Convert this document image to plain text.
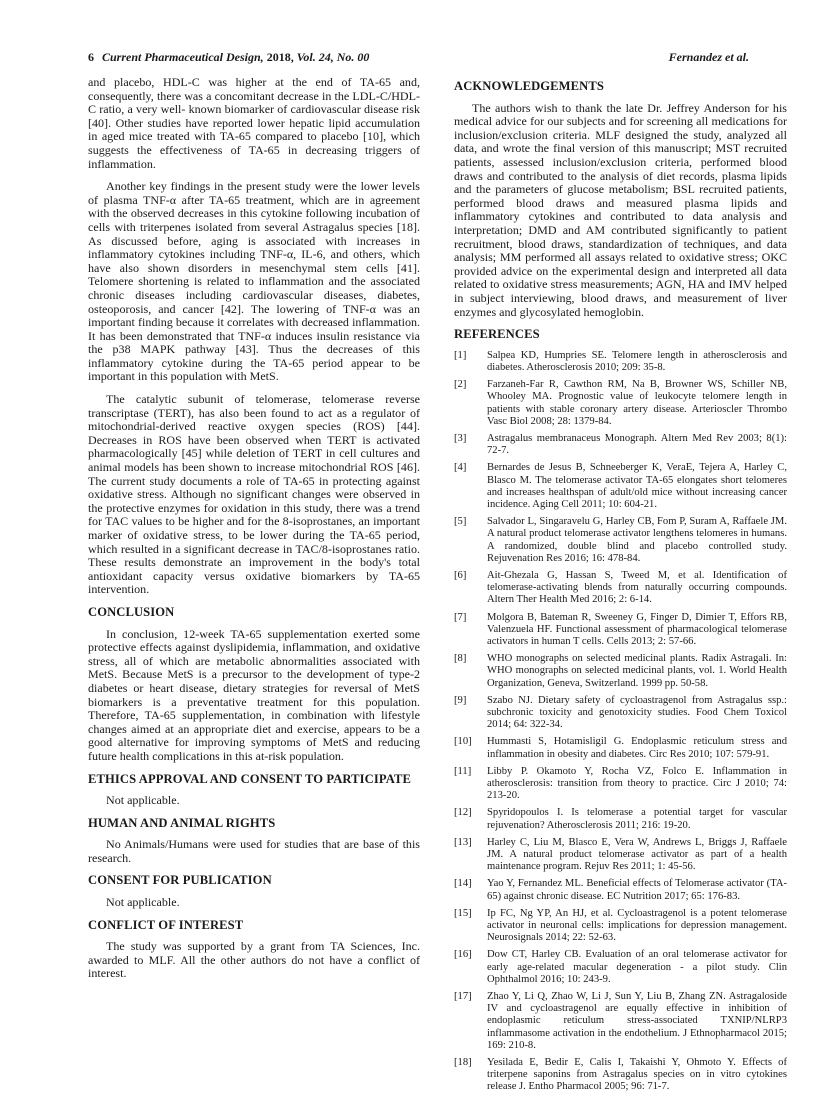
6 Current Pharmaceutical Design, 2018, Vol. 24, No. 00	Fernandez et al.

and placebo, HDL-C was higher at the end of TA-65 and, consequently, there was a concomitant decrease in the LDL-C/HDL-C ratio, a very well- known biomarker of cardiovascular disease risk [40]. Other studies have reported lower hepatic lipid accumulation in aged mice treated with TA-65 compared to placebo [10], which suggests the effectiveness of TA-65 in decreasing triggers of inflammation.

Another key findings in the present study were the lower levels of plasma TNF-α after TA-65 treatment, which are in agreement with the observed decreases in this cytokine following incubation of cells with triterpenes isolated from several Astragalus species [18]. As discussed before, aging is associated with increases in inflammatory cytokines including TNF-α, IL-6, and others, which have also shown disorders in mesenchymal stem cells [41]. Telomere shortening is related to inflammation and the associated chronic diseases including cardiovascular diseases, diabetes, osteoporosis, and cancer [42]. The lowering of TNF-α was an important finding because it correlates with decreased inflammation. It has been demonstrated that TNF-α induces insulin resistance via the p38 MAPK pathway [43]. Thus the decreases of this inflammatory cytokine during the TA-65 period appear to be important in this population with MetS.

The catalytic subunit of telomerase, telomerase reverse transcriptase (TERT), has also been found to act as a regulator of mitochondrial-derived reactive oxygen species (ROS) [44]. Decreases in ROS have been observed when TERT is activated pharmacologically [45] while deletion of TERT in cell cultures and animal models has been shown to increase mitochondrial ROS [46]. The current study documents a role of TA-65 in protecting against oxidative stress. Although no significant changes were observed in the protective enzymes for oxidation in this study, there was a trend for TAC values to be higher and for the 8-isoprostanes, an important marker of oxidative stress, to be lower during the TA-65 period, which resulted in a significant decrease in TAC/8-isoprostanes ratio. These results demonstrate an improvement in the body's total antioxidant capacity versus oxidative biomarkers by TA-65 intervention.

CONCLUSION

In conclusion, 12-week TA-65 supplementation exerted some protective effects against dyslipidemia, inflammation, and oxidative stress, all of which are metabolic abnormalities associated with MetS. Because MetS is a precursor to the development of type-2 diabetes or heart disease, dietary strategies for reversal of MetS biomarkers is a preventative treatment for this population. Therefore, TA-65 supplementation, in combination with lifestyle changes aimed at an appropriate diet and exercise, appears to be a good alternative for improving symptoms of MetS and reducing future health complications in this at-risk population.

ETHICS APPROVAL AND CONSENT TO PARTICIPATE

Not applicable.

HUMAN AND ANIMAL RIGHTS

No Animals/Humans were used for studies that are base of this research.

CONSENT FOR PUBLICATION

Not applicable.

CONFLICT OF INTEREST

The study was supported by a grant from TA Sciences, Inc. awarded to MLF. All the other authors do not have a conflict of interest.

ACKNOWLEDGEMENTS

The authors wish to thank the late Dr. Jeffrey Anderson for his medical advice for our subjects and for screening all medications for inclusion/exclusion criteria. MLF designed the study, analyzed all data, and wrote the final version of this manuscript; MST recruited patients, assessed inclusion/exclusion criteria, performed blood draws and contributed to the analysis of diet records, plasma lipids and the parameters of glucose metabolism; BSL recruited patients, performed blood draws and measured plasma lipids and inflammatory cytokines and contributed to data analysis and interpretation; DMD and AM contributed significantly to patient recruitment, blood draws, standardization of techniques, and data analysis; MM performed all assays related to oxidative stress; OKC provided advice on the experimental design and interpreted all data related to oxidative stress measurements; AGN, HA and IMV helped in subject interviewing, blood draws, and measurement of liver enzymes and glycosylated hemoglobin.

REFERENCES
[1] Salpea KD, Humpries SE. Telomere length in atherosclerosis and diabetes. Atherosclerosis 2010; 209: 35-8.
[2] Farzaneh-Far R, Cawthon RM, Na B, Browner WS, Schiller NB, Whooley MA. Prognostic value of leukocyte telomere length in patients with stable coronary artery disease. Arterioscler Thrombo Vasc Biol 2008; 28: 1379-84.
[3] Astragalus membranaceus Monograph. Altern Med Rev 2003; 8(1): 72-7.
[4] Bernardes de Jesus B, Schneeberger K, VeraE, Tejera A, Harley C, Blasco M. The telomerase activator TA-65 elongates short telomeres and increases healthspan of adult/old mice without increasing cancer incidence. Aging Cell 2011; 10: 604-21.
[5] Salvador L, Singaravelu G, Harley CB, Fom P, Suram A, Raffaele JM. A natural product telomerase activator lengthens telomeres in humans. A randomized, double blind and placebo controlled study. Rejuvenation Res 2016; 16: 478-84.
[6] Ait-Ghezala G, Hassan S, Tweed M, et al. Identification of telomerase-activating blends from naturally occurring compounds. Altern Ther Health Med 2016; 2: 6-14.
[7] Molgora B, Bateman R, Sweeney G, Finger D, Dimier T, Effors RB, Valenzuela HF. Functional assessment of pharmacological telomerase activators in human T cells. Cells 2013; 2: 57-66.
[8] WHO monographs on selected medicinal plants. Radix Astragali. In: WHO monographs on selected medicinal plants, vol. 1. World Health Organization, Geneva, Switzerland. 1999 pp. 50-58.
[9] Szabo NJ. Dietary safety of cycloastragenol from Astragalus ssp.: subchronic toxicity and genotoxicity studies. Food Chem Toxicol 2014; 64: 322-34.
[10] Hummasti S, Hotamisligil G. Endoplasmic reticulum stress and inflammation in obesity and diabetes. Circ Res 2010; 107: 579-91.
[11] Libby P. Okamoto Y, Rocha VZ, Folco E. Inflammation in atherosclerosis: transition from theory to practice. Circ J 2010; 74: 213-20.
[12] Spyridopoulos I. Is telomerase a potential target for vascular rejuvenation? Atherosclerosis 2011; 216: 19-20.
[13] Harley C, Liu M, Blasco E, Vera W, Andrews L, Briggs J, Raffaele JM. A natural product telomerase activator as part of a health maintenance program. Rejuv Res 2011; 1: 45-56.
[14] Yao Y, Fernandez ML. Beneficial effects of Telomerase activator (TA-65) against chronic disease. EC Nutrition 2017; 65: 176-83.
[15] Ip FC, Ng YP, An HJ, et al. Cycloastragenol is a potent telomerase activator in neuronal cells: implications for depression management. Neurosignals 2014; 22: 52-63.
[16] Dow CT, Harley CB. Evaluation of an oral telomerase activator for early age-related macular degeneration - a pilot study. Clin Ophthalmol 2016; 10: 243-9.
[17] Zhao Y, Li Q, Zhao W, Li J, Sun Y, Liu B, Zhang ZN. Astragaloside IV and cycloastragenol are equally effective in inhibition of endoplasmic reticulum stress-associated TXNIP/NLRP3 inflammasome activation in the endothelium. J Ethnopharmacol 2015; 169: 210-8.
[18] Yesilada E, Bedir E, Calis I, Takaishi Y, Ohmoto Y. Effects of triterpene saponins from Astragalus species on in vitro cytokines release J. Entho Pharmacol 2005; 96: 71-7.
